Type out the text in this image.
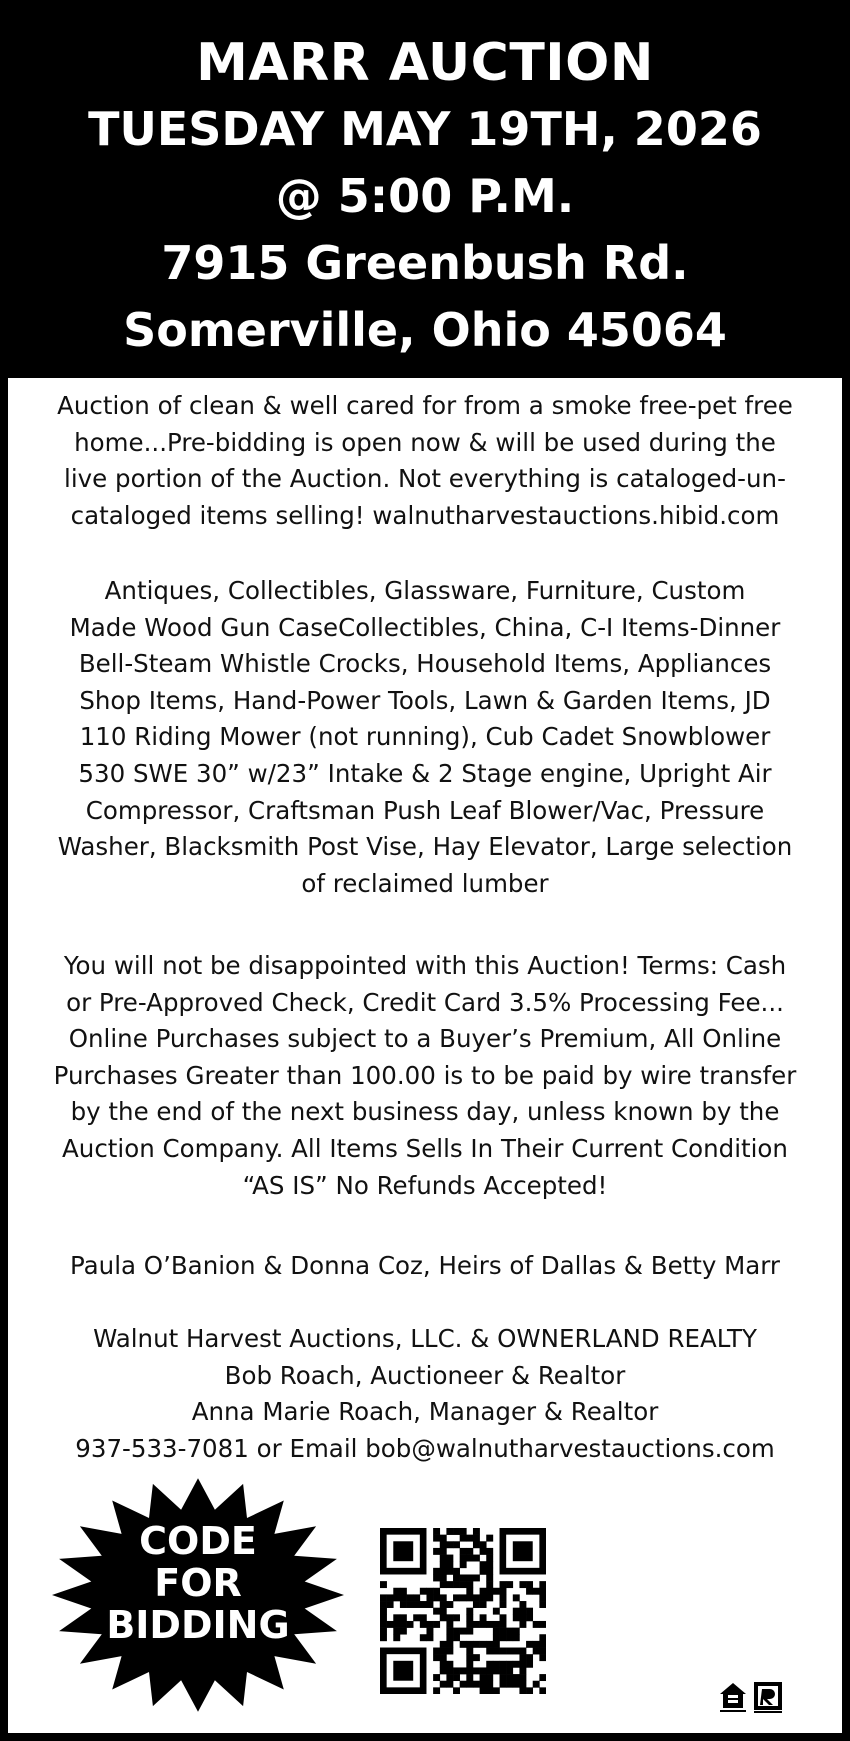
MARR AUCTION
TUESDAY MAY 19TH, 2026
@ 5:00 P.M.
7915 Greenbush Rd.
Somerville, Ohio 45064
Auction of clean & well cared for from a smoke free-pet free
home...Pre-bidding is open now & will be used during the
live portion of the Auction. Not everything is cataloged-un-
cataloged items selling! walnutharvestauctions.hibid.com
Antiques, Collectibles, Glassware, Furniture, Custom
Made Wood Gun CaseCollectibles, China, C-I Items-Dinner
Bell-Steam Whistle Crocks, Household Items, Appliances
Shop Items, Hand-Power Tools, Lawn & Garden Items, JD
110 Riding Mower (not running), Cub Cadet Snowblower
530 SWE 30” w/23” Intake & 2 Stage engine, Upright Air
Compressor, Craftsman Push Leaf Blower/Vac, Pressure
Washer, Blacksmith Post Vise, Hay Elevator, Large selection
of reclaimed lumber
You will not be disappointed with this Auction! Terms: Cash
or Pre-Approved Check, Credit Card 3.5% Processing Fee...
Online Purchases subject to a Buyer’s Premium, All Online
Purchases Greater than 100.00 is to be paid by wire transfer
by the end of the next business day, unless known by the
Auction Company. All Items Sells In Their Current Condition
“AS IS” No Refunds Accepted!
Paula O’Banion & Donna Coz, Heirs of Dallas & Betty Marr
Walnut Harvest Auctions, LLC. & OWNERLAND REALTY
Bob Roach, Auctioneer & Realtor
Anna Marie Roach, Manager & Realtor
937-533-7081 or Email bob@walnutharvestauctions.com
CODE
FOR
BIDDING
